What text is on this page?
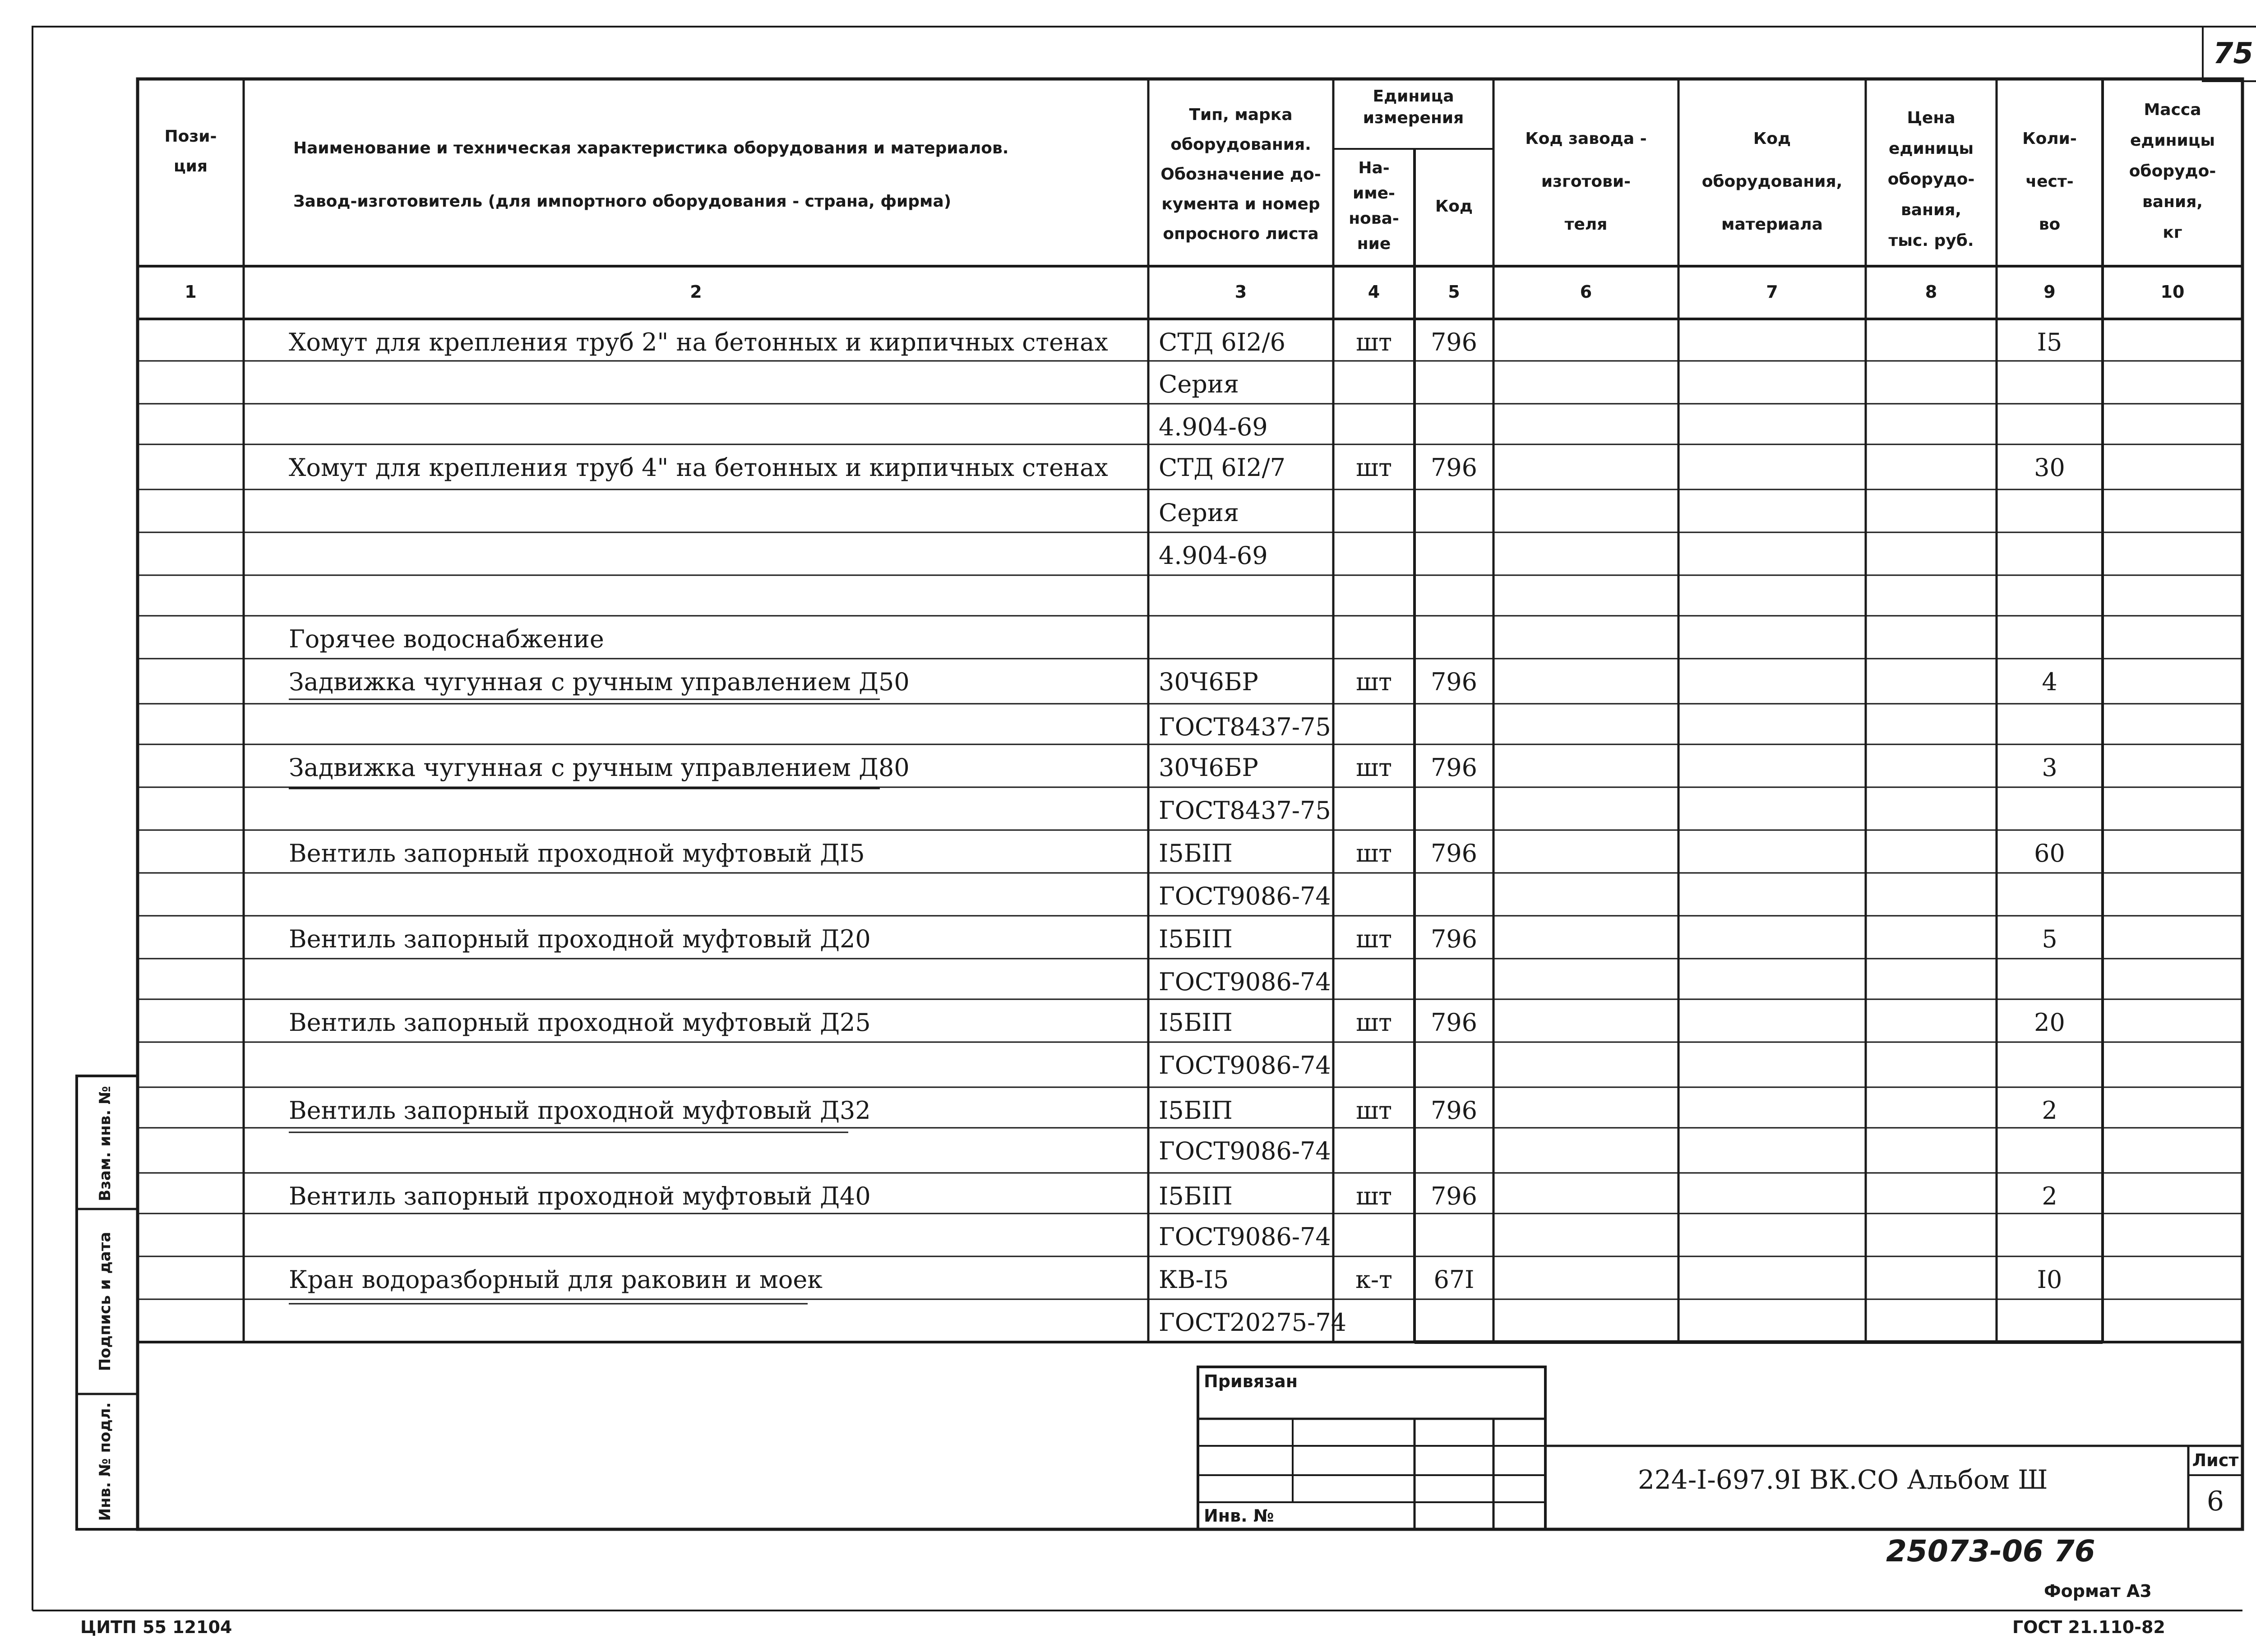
75
Пози-
ция
Наименование и техническая характеристика оборудования и материалов.
Завод-изготовитель (для импортного оборудования - страна, фирма)
Тип, марка
оборудования.
Обозначение до-
кумента и номер
опросного листа
Единица
измерения
На-
име-
нова-
ние
Код
Код завода -
изготови-
теля
Код
оборудования,
материала
Цена
единицы
оборудо-
вания,
тыс. руб.
Коли-
чест-
во
Масса
единицы
оборудо-
вания,
кг
1	2	3	4	5	6	7	8	9	10
Хомут для крепления труб 2" на бетонных и кирпичных стенах	СТД 6I2/6	шт	796	I5
Серия
4.904-69
Хомут для крепления труб 4" на бетонных и кирпичных стенах	СТД 6I2/7	шт	796	30
Серия
4.904-69
Горячее водоснабжение
Задвижка чугунная с ручным управлением Д50	30Ч6БР	шт	796	4
ГОСТ8437-75
Задвижка чугунная с ручным управлением Д80	30Ч6БР	шт	796	3
ГОСТ8437-75
Вентиль запорный проходной муфтовый ДI5	I5БIП	шт	796	60
ГОСТ9086-74
Вентиль запорный проходной муфтовый Д20	I5БIП	шт	796	5
ГОСТ9086-74
Вентиль запорный проходной муфтовый Д25	I5БIП	шт	796	20
ГОСТ9086-74
Вентиль запорный проходной муфтовый Д32	I5БIП	шт	796	2
ГОСТ9086-74
Вентиль запорный проходной муфтовый Д40	I5БIП	шт	796	2
ГОСТ9086-74
Кран водоразборный для раковин и моек	КВ-I5	к-т	67I	I0
ГОСТ20275-74
Взам. инв. №
Подпись и дата
Инв. № подл.
Привязан
Инв. №
224-I-697.9I ВК.СО Альбом Ш
Лист
6
25073-06 76
Формат А3
ЦИТП 55 12104	ГОСТ 21.110-82
